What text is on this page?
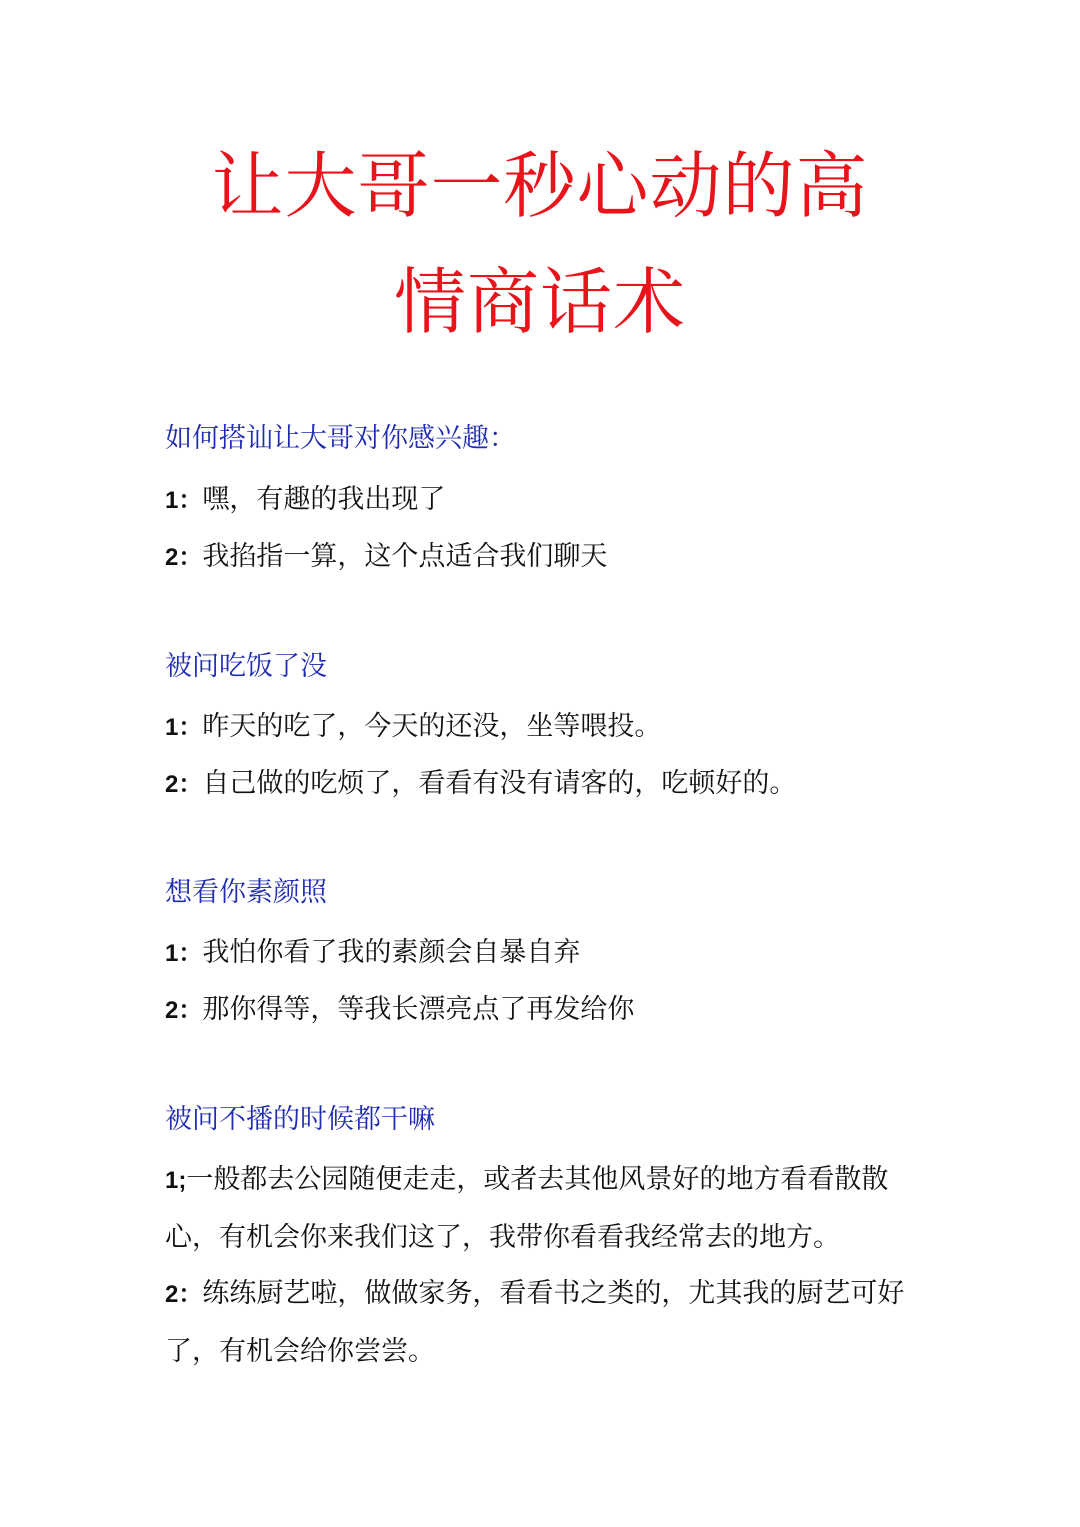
让大哥一秒心动的高
情商话术
如何搭讪让大哥对你感兴趣：
1：嘿，有趣的我出现了
2：我掐指一算，这个点适合我们聊天
被问吃饭了没
1：昨天的吃了，今天的还没，坐等喂投。
2：自己做的吃烦了，看看有没有请客的，吃顿好的。
想看你素颜照
1：我怕你看了我的素颜会自暴自弃
2：那你得等，等我长漂亮点了再发给你
被问不播的时候都干嘛
1;一般都去公园随便走走，或者去其他风景好的地方看看散散心，有机会你来我们这了，我带你看看我经常去的地方。
2：练练厨艺啦，做做家务，看看书之类的，尤其我的厨艺可好了，有机会给你尝尝。
